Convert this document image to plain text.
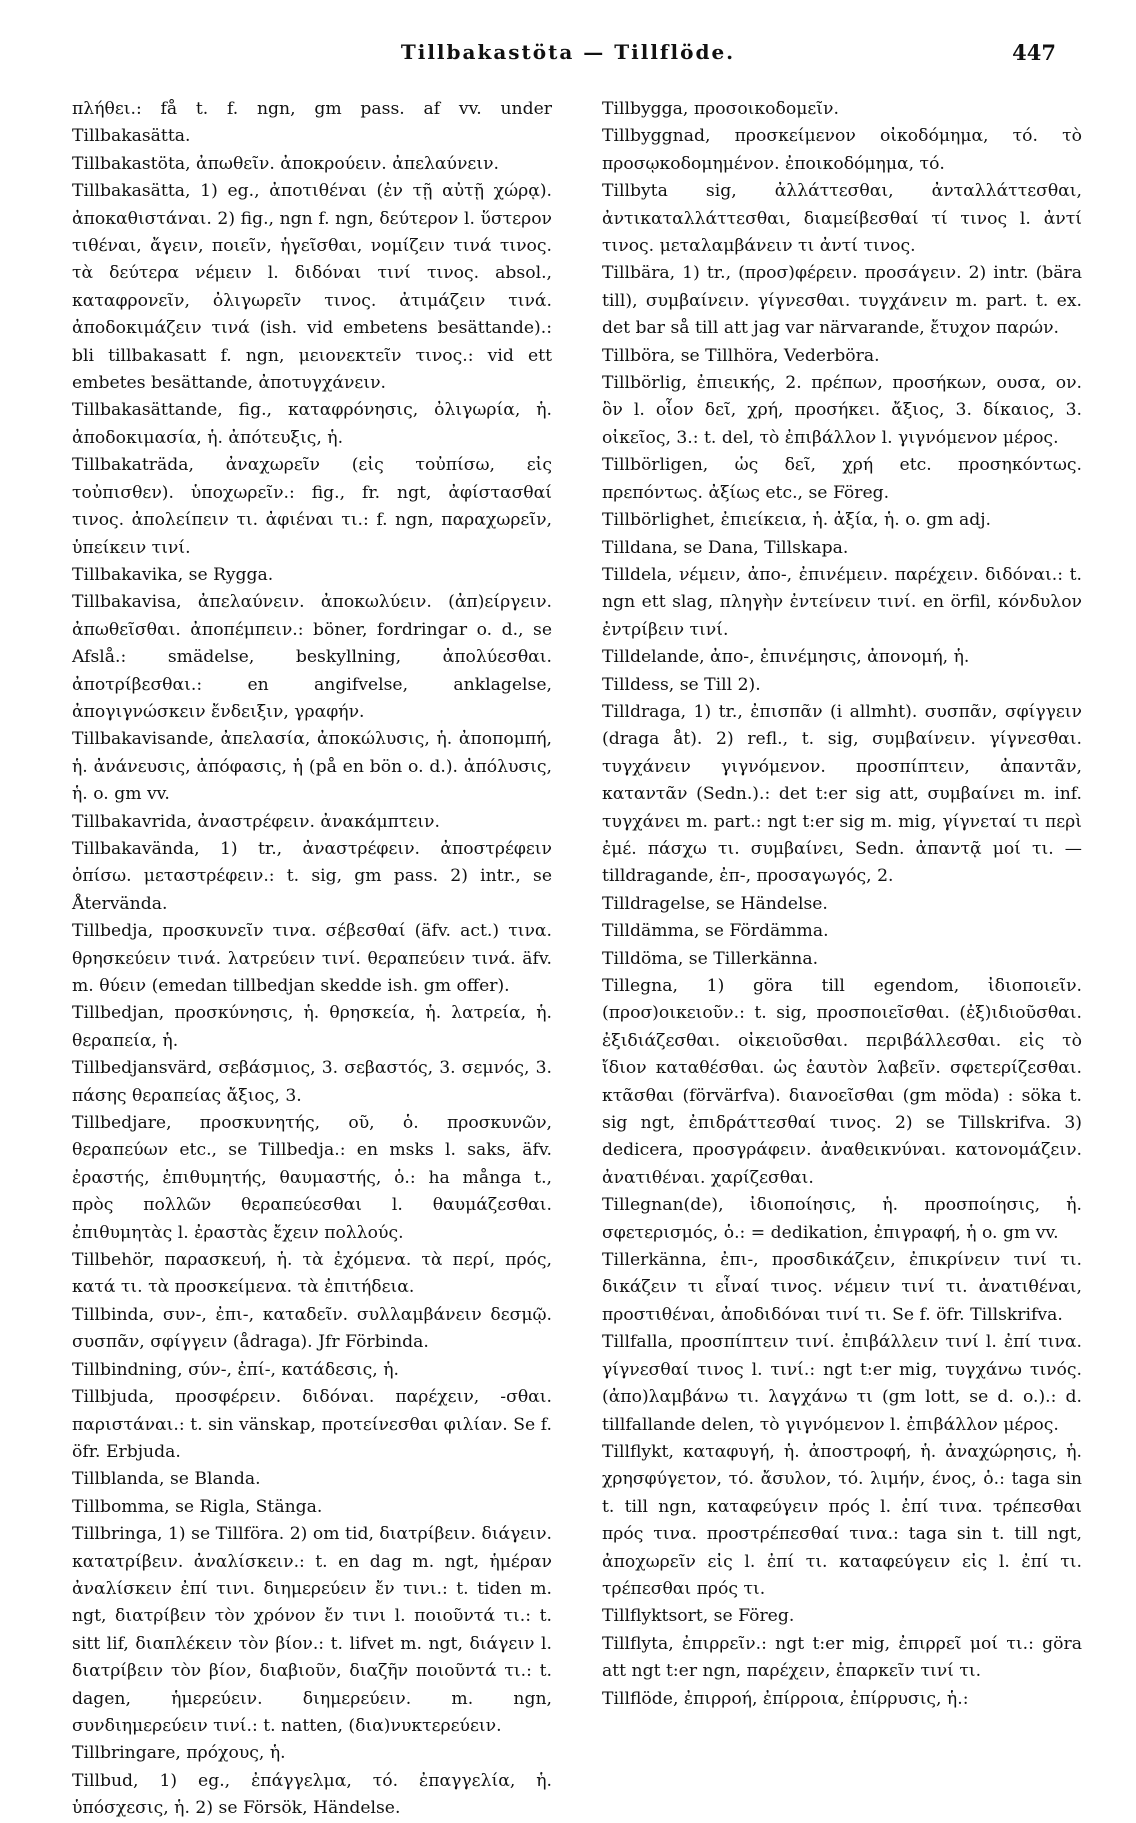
Tillbakastöta — Tillflöde.	447

πλήθει.: få t. f. ngn, gm pass. af vv. under Tillbakasätta.

Tillbakastöta, ἀπωθεῖν. ἀποκρούειν. ἀπελαύνειν.

Tillbakasätta, 1) eg., ἀποτιθέναι (ἐν τῇ αὐτῇ χώρᾳ). ἀποκαθιστάναι. 2) fig., ngn f. ngn, δεύτερον l. ὕστερον τιθέναι, ἄγειν, ποιεῖν, ἡγεῖσθαι, νομίζειν τινά τινος. τὰ δεύτερα νέμειν l. διδόναι τινί τινος. absol., καταφρονεῖν, ὀλιγωρεῖν τινος. ἀτιμάζειν τινά. ἀποδοκιμάζειν τινά (ish. vid embetens besättande).: bli tillbakasatt f. ngn, μειονεκτεῖν τινος.: vid ett embetes besättande, ἀποτυγχάνειν.

Tillbakasättande, fig., καταφρόνησις, ὀλιγωρία, ἡ. ἀποδοκιμασία, ἡ. ἀπότευξις, ἡ.

Tillbakaträda, ἀναχωρεῖν (εἰς τοὐπίσω, εἰς τοὐπισθεν). ὑποχωρεῖν.: fig., fr. ngt, ἀφίστασθαί τινος. ἀπολείπειν τι. ἀφιέναι τι.: f. ngn, παραχωρεῖν, ὑπείκειν τινί.

Tillbakavika, se Rygga.

Tillbakavisa, ἀπελαύνειν. ἀποκωλύειν. (ἀπ)είργειν. ἀπωθεῖσθαι. ἀποπέμπειν.: böner, fordringar o. d., se Afslå.: smädelse, beskyllning, ἀπολύεσθαι. ἀποτρίβεσθαι.: en angifvelse, anklagelse, ἀπογιγνώσκειν ἔνδειξιν, γραφήν.

Tillbakavisande, ἀπελασία, ἀποκώλυσις, ἡ. ἀποπομπή, ἡ. ἀνάνευσις, ἀπόφασις, ἡ (på en bön o. d.). ἀπόλυσις, ἡ. o. gm vv.

Tillbakavrida, ἀναστρέφειν. ἀνακάμπτειν.

Tillbakavända, 1) tr., ἀναστρέφειν. ἀποστρέφειν ὀπίσω. μεταστρέφειν.: t. sig, gm pass. 2) intr., se Återvända.

Tillbedja, προσκυνεῖν τινα. σέβεσθαί (äfv. act.) τινα. θρησκεύειν τινά. λατρεύειν τινί. θεραπεύειν τινά. äfv. m. θύειν (emedan tillbedjan skedde ish. gm offer).

Tillbedjan, προσκύνησις, ἡ. θρησκεία, ἡ. λατρεία, ἡ. θεραπεία, ἡ.

Tillbedjansvärd, σεβάσμιος, 3. σεβαστός, 3. σεμνός, 3. πάσης θεραπείας ἄξιος, 3.

Tillbedjare, προσκυνητής, οῦ, ὁ. προσκυνῶν, θεραπεύων etc., se Tillbedja.: en msks l. saks, äfv. ἐραστής, ἐπιθυμητής, θαυμαστής, ὁ.: ha många t., πρὸς πολλῶν θεραπεύεσθαι l. θαυμάζεσθαι. ἐπιθυμητὰς l. ἐραστὰς ἔχειν πολλούς.

Tillbehör, παρασκευή, ἡ. τὰ ἐχόμενα. τὰ περί, πρός, κατά τι. τὰ προσκείμενα. τὰ ἐπιτήδεια.

Tillbinda, συν-, ἐπι-, καταδεῖν. συλλαμβάνειν δεσμῷ. συσπᾶν, σφίγγειν (ådraga). Jfr Förbinda.

Tillbindning, σύν-, ἐπί-, κατάδεσις, ἡ.

Tillbjuda, προσφέρειν. διδόναι. παρέχειν, -σθαι. παριστάναι.: t. sin vänskap, προτείνεσθαι φιλίαν. Se f. öfr. Erbjuda.

Tillblanda, se Blanda.

Tillbomma, se Rigla, Stänga.

Tillbringa, 1) se Tillföra. 2) om tid, διατρίβειν. διάγειν. κατατρίβειν. ἀναλίσκειν.: t. en dag m. ngt, ἡμέραν ἀναλίσκειν ἐπί τινι. διημερεύειν ἔν τινι.: t. tiden m. ngt, διατρίβειν τὸν χρόνον ἔν τινι l. ποιοῦντά τι.: t. sitt lif, διαπλέκειν τὸν βίον.: t. lifvet m. ngt, διάγειν l. διατρίβειν τὸν βίον, διαβιοῦν, διαζῆν ποιοῦντά τι.: t. dagen, ἡμερεύειν. διημερεύειν. m. ngn, συνδιημερεύειν τινί.: t. natten, (δια)νυκτερεύειν.

Tillbringare, πρόχους, ἡ.

Tillbud, 1) eg., ἐπάγγελμα, τό. ἐπαγγελία, ἡ. ὑπόσχεσις, ἡ. 2) se Försök, Händelse.

Tillbygga, προσοικοδομεῖν.

Tillbyggnad, προσκείμενον οἰκοδόμημα, τό. τὸ προσῳκοδομημένον. ἐποικοδόμημα, τό.

Tillbyta sig, ἀλλάττεσθαι, ἀνταλλάττεσθαι, ἀντικαταλλάττεσθαι, διαμείβεσθαί τί τινος l. ἀντί τινος. μεταλαμβάνειν τι ἀντί τινος.

Tillbära, 1) tr., (προσ)φέρειν. προσάγειν. 2) intr. (bära till), συμβαίνειν. γίγνεσθαι. τυγχάνειν m. part. t. ex. det bar så till att jag var närvarande, ἔτυχον παρών.

Tillböra, se Tillhöra, Vederböra.

Tillbörlig, ἐπιεικής, 2. πρέπων, προσήκων, ουσα, ον. ὃν l. οἷον δεῖ, χρή, προσήκει. ἄξιος, 3. δίκαιος, 3. οἰκεῖος, 3.: t. del, τὸ ἐπιβάλλον l. γιγνόμενον μέρος.

Tillbörligen, ὡς δεῖ, χρή etc. προσηκόντως. πρεπόντως. ἀξίως etc., se Föreg.

Tillbörlighet, ἐπιείκεια, ἡ. ἀξία, ἡ. o. gm adj.

Tilldana, se Dana, Tillskapa.

Tilldela, νέμειν, ἀπο-, ἐπινέμειν. παρέχειν. διδόναι.: t. ngn ett slag, πληγὴν ἐντείνειν τινί. en örfil, κόνδυλον ἐντρίβειν τινί.

Tilldelande, ἀπο-, ἐπινέμησις, ἀπονομή, ἡ.

Tilldess, se Till 2).

Tilldraga, 1) tr., ἐπισπᾶν (i allmht). συσπᾶν, σφίγγειν (draga åt). 2) refl., t. sig, συμβαίνειν. γίγνεσθαι. τυγχάνειν γιγνόμενον. προσπίπτειν, ἀπαντᾶν, καταντᾶν (Sedn.).: det t:er sig att, συμβαίνει m. inf. τυγχάνει m. part.: ngt t:er sig m. mig, γίγνεταί τι περὶ ἐμέ. πάσχω τι. συμβαίνει, Sedn. ἀπαντᾷ μοί τι. — tilldragande, ἐπ-, προσαγωγός, 2.

Tilldragelse, se Händelse.

Tilldämma, se Fördämma.

Tilldöma, se Tillerkänna.

Tillegna, 1) göra till egendom, ἰδιοποιεῖν. (προσ)οικειοῦν.: t. sig, προσποιεῖσθαι. (ἐξ)ιδιοῦσθαι. ἐξιδιάζεσθαι. οἰκειοῦσθαι. περιβάλλεσθαι. εἰς τὸ ἴδιον καταθέσθαι. ὡς ἑαυτὸν λαβεῖν. σφετερίζεσθαι. κτᾶσθαι (förvärfva). διανοεῖσθαι (gm möda) : söka t. sig ngt, ἐπιδράττεσθαί τινος. 2) se Tillskrifva. 3) dedicera, προσγράφειν. ἀναθεικνύναι. κατονομάζειν. ἀνατιθέναι. χαρίζεσθαι.

Tillegnan(de), ἰδιοποίησις, ἡ. προσποίησις, ἡ. σφετερισμός, ὁ.: = dedikation, ἐπιγραφή, ἡ o. gm vv.

Tillerkänna, ἐπι-, προσδικάζειν, ἐπικρίνειν τινί τι. δικάζειν τι εἶναί τινος. νέμειν τινί τι. ἀνατιθέναι, προστιθέναι, ἀποδιδόναι τινί τι. Se f. öfr. Tillskrifva.

Tillfalla, προσπίπτειν τινί. ἐπιβάλλειν τινί l. ἐπί τινα. γίγνεσθαί τινος l. τινί.: ngt t:er mig, τυγχάνω τινός. (ἀπο)λαμβάνω τι. λαγχάνω τι (gm lott, se d. o.).: d. tillfallande delen, τὸ γιγνόμενον l. ἐπιβάλλον μέρος.

Tillflykt, καταφυγή, ἡ. ἀποστροφή, ἡ. ἀναχώρησις, ἡ. χρησφύγετον, τό. ἄσυλον, τό. λιμήν, ένος, ὁ.: taga sin t. till ngn, καταφεύγειν πρός l. ἐπί τινα. τρέπεσθαι πρός τινα. προστρέπεσθαί τινα.: taga sin t. till ngt, ἀποχωρεῖν εἰς l. ἐπί τι. καταφεύγειν εἰς l. ἐπί τι. τρέπεσθαι πρός τι.

Tillflyktsort, se Föreg.

Tillflyta, ἐπιρρεῖν.: ngt t:er mig, ἐπιρρεῖ μοί τι.: göra att ngt t:er ngn, παρέχειν, ἐπαρκεῖν τινί τι.

Tillflöde, ἐπιρροή, ἐπίρροια, ἐπίρρυσις, ἡ.:
